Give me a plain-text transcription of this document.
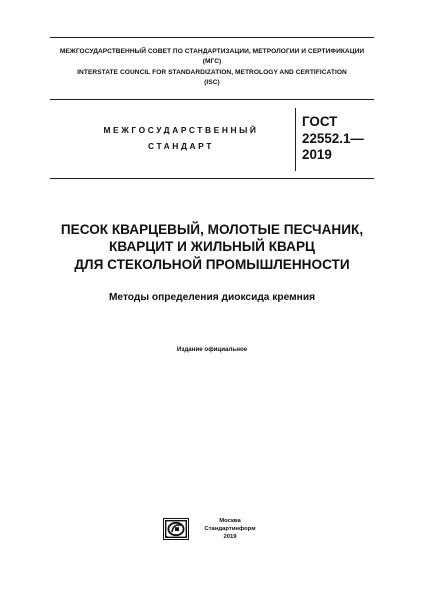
МЕЖГОСУДАРСТВЕННЫЙ СОВЕТ ПО СТАНДАРТИЗАЦИИ, МЕТРОЛОГИИ И СЕРТИФИКАЦИИ
(МГС)
INTERSTATE COUNCIL FOR STANDARDIZATION, METROLOGY AND CERTIFICATION
(ISC)
МЕЖГОСУДАРСТВЕННЫЙ
СТАНДАРТ
ГОСТ
22552.1—
2019
ПЕСОК КВАРЦЕВЫЙ, МОЛОТЫЕ ПЕСЧАНИК,
КВАРЦИТ И ЖИЛЬНЫЙ КВАРЦ
ДЛЯ СТЕКОЛЬНОЙ ПРОМЫШЛЕННОСТИ
Методы определения диоксида кремния
Издание официальное
Москва
Стандартинформ
2019
